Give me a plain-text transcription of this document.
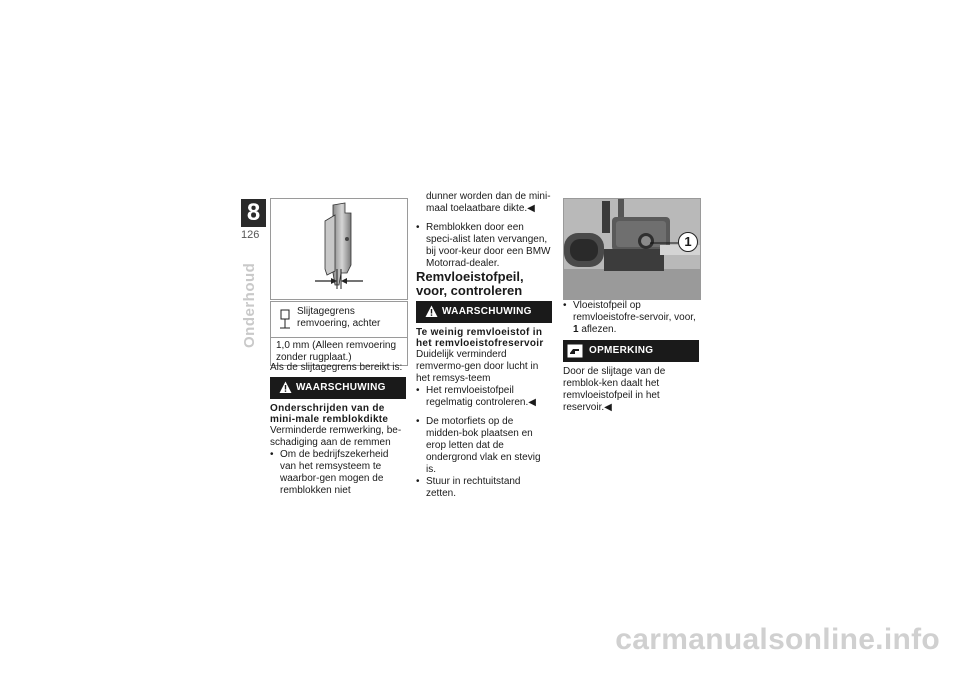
8
126
Onderhoud	Slijtagegrens remvoering, achter
1,0 mm (Alleen remvoering zonder rugplaat.)

Als de slijtagegrens bereikt is:

WAARSCHUWING

Onderschrijden van de mini-male remblokdikte

Verminderde remwerking, be-schadiging aan de remmen

• Om de bedrijfszekerheid van het remsysteem te waarbor-gen mogen de remblokken niet

dunner worden dan de mini-maal toelaatbare dikte.◀

• Remblokken door een speci-alist laten vervangen, bij voor-keur door een BMW Motorrad-dealer.

Remvloeistofpeil, voor, controleren

WAARSCHUWING

Te weinig remvloeistof in het remvloeistofreservoir

Duidelijk verminderd remvermo-gen door lucht in het remsys-teem

• Het remvloeistofpeil regelmatig controleren.◀

• De motorfiets op de midden-bok plaatsen en erop letten dat de ondergrond vlak en stevig is.

• Stuur in rechtuitstand zetten.

1

• Vloeistofpeil op remvloeistofre-servoir, voor, 1 aflezen.

OPMERKING

Door de slijtage van de remblok-ken daalt het remvloeistofpeil in het reservoir.◀

carmanualsonline.info
